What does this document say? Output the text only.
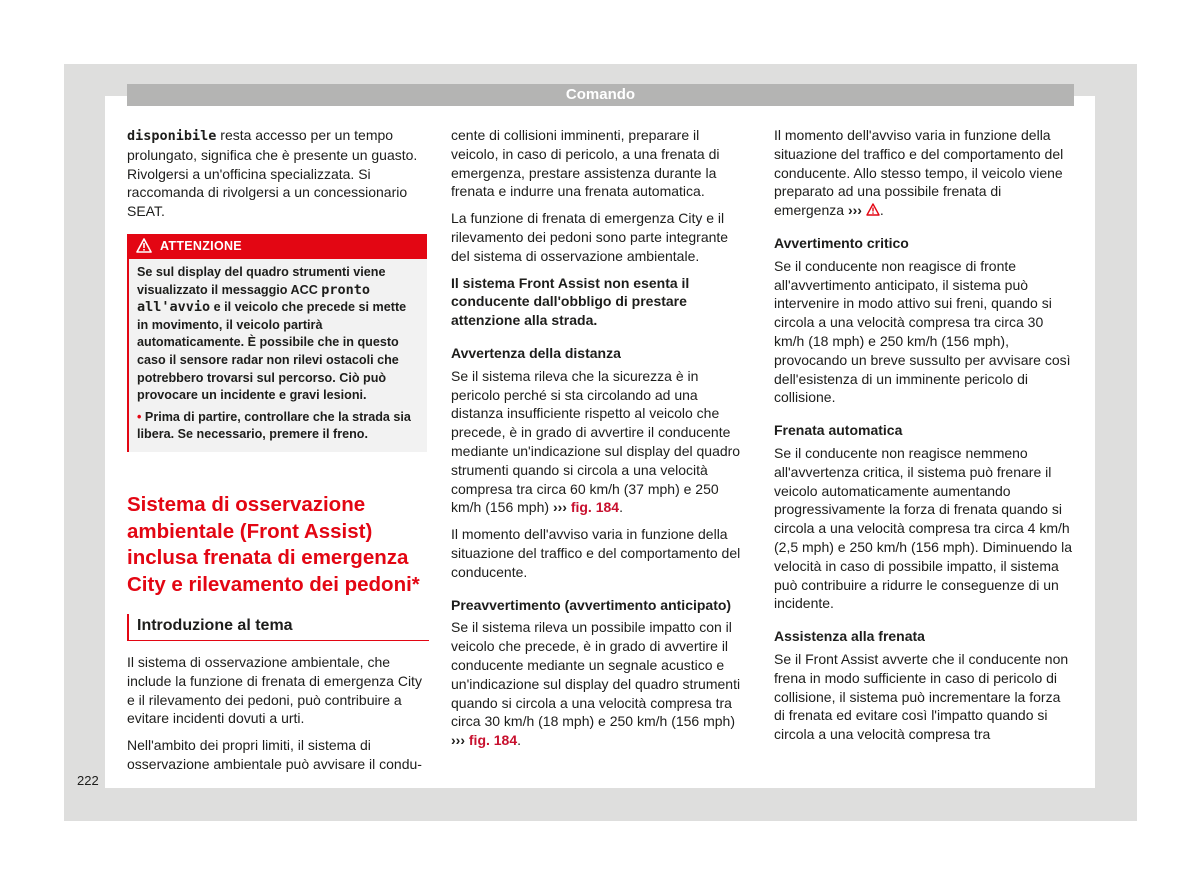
Comando

disponibile resta accesso per un tempo prolungato, significa che è presente un guasto. Rivolgersi a un'officina specializzata. Si raccomanda di rivolgersi a un concessionario SEAT.

ATTENZIONE

Se sul display del quadro strumenti viene visualizzato il messaggio ACC pronto all'avvio e il veicolo che precede si mette in movimento, il veicolo partirà automaticamente. È possibile che in questo caso il sensore radar non rilevi ostacoli che potrebbero trovarsi sul percorso. Ciò può provocare un incidente e gravi lesioni.

• Prima di partire, controllare che la strada sia libera. Se necessario, premere il freno.

Sistema di osservazione ambientale (Front Assist) inclusa frenata di emergenza City e rilevamento dei pedoni*
Introduzione al tema

Il sistema di osservazione ambientale, che include la funzione di frenata di emergenza City e il rilevamento dei pedoni, può contribuire a evitare incidenti dovuti a urti.

Nell'ambito dei propri limiti, il sistema di osservazione ambientale può avvisare il condu-

cente di collisioni imminenti, preparare il veicolo, in caso di pericolo, a una frenata di emergenza, prestare assistenza durante la frenata e indurre una frenata automatica.

La funzione di frenata di emergenza City e il rilevamento dei pedoni sono parte integrante del sistema di osservazione ambientale.

Il sistema Front Assist non esenta il conducente dall'obbligo di prestare attenzione alla strada.

Avvertenza della distanza

Se il sistema rileva che la sicurezza è in pericolo perché si sta circolando ad una distanza insufficiente rispetto al veicolo che precede, è in grado di avvertire il conducente mediante un'indicazione sul display del quadro strumenti quando si circola a una velocità compresa tra circa 60 km/h (37 mph) e 250 km/h (156 mph) ››› fig. 184.

Il momento dell'avviso varia in funzione della situazione del traffico e del comportamento del conducente.

Preavvertimento (avvertimento anticipato)

Se il sistema rileva un possibile impatto con il veicolo che precede, è in grado di avvertire il conducente mediante un segnale acustico e un'indicazione sul display del quadro strumenti quando si circola a una velocità compresa tra circa 30 km/h (18 mph) e 250 km/h (156 mph) ››› fig. 184.

Il momento dell'avviso varia in funzione della situazione del traffico e del comportamento del conducente. Allo stesso tempo, il veicolo viene preparato ad una possibile frenata di emergenza ››› .

Avvertimento critico

Se il conducente non reagisce di fronte all'avvertimento anticipato, il sistema può intervenire in modo attivo sui freni, quando si circola a una velocità compresa tra circa 30 km/h (18 mph) e 250 km/h (156 mph), provocando un breve sussulto per avvisare così dell'esistenza di un imminente pericolo di collisione.

Frenata automatica

Se il conducente non reagisce nemmeno all'avvertenza critica, il sistema può frenare il veicolo automaticamente aumentando progressivamente la forza di frenata quando si circola a una velocità compresa tra circa 4 km/h (2,5 mph) e 250 km/h (156 mph). Diminuendo la velocità in caso di possibile impatto, il sistema può contribuire a ridurre le conseguenze di un incidente.

Assistenza alla frenata

Se il Front Assist avverte che il conducente non frena in modo sufficiente in caso di pericolo di collisione, il sistema può incrementare la forza di frenata ed evitare così l'impatto quando si circola a una velocità compresa tra

222
